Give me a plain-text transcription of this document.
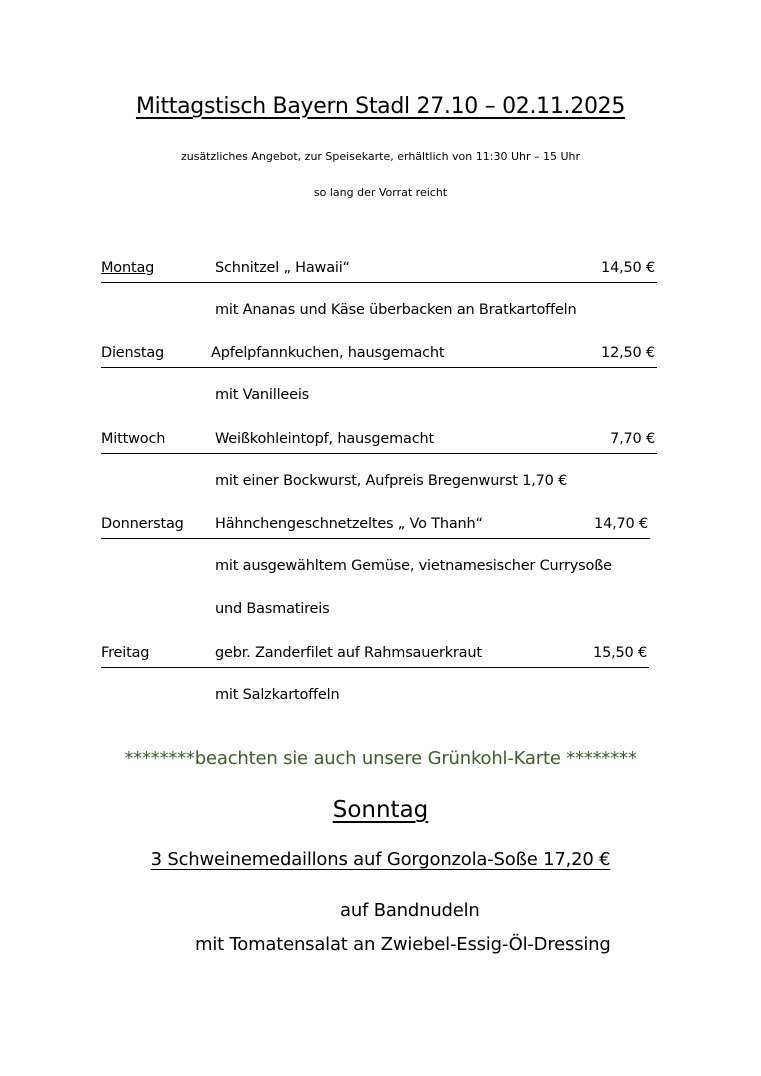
Mittagstisch Bayern Stadl 27.10 – 02.11.2025
zusätzliches Angebot, zur Speisekarte, erhältlich von 11:30 Uhr – 15 Uhr
so lang der Vorrat reicht
Montag	Schnitzel „ Hawaii“	14,50 €
mit Ananas und Käse überbacken an Bratkartoffeln
Dienstag	Apfelpfannkuchen, hausgemacht	12,50 €
mit Vanilleeis
Mittwoch	Weißkohleintopf, hausgemacht	7,70 €
mit einer Bockwurst, Aufpreis Bregenwurst 1,70 €
Donnerstag Hähnchengeschnetzeltes „ Vo Thanh“	14,70 €
mit ausgewähltem Gemüse, vietnamesischer Currysoße
und Basmatireis
Freitag	gebr. Zanderfilet auf Rahmsauerkraut	15,50 €
mit Salzkartoffeln
********beachten sie auch unsere Grünkohl-Karte ********
Sonntag
3 Schweinemedaillons auf Gorgonzola-Soße 17,20 €
auf Bandnudeln
mit Tomatensalat an Zwiebel-Essig-Öl-Dressing
